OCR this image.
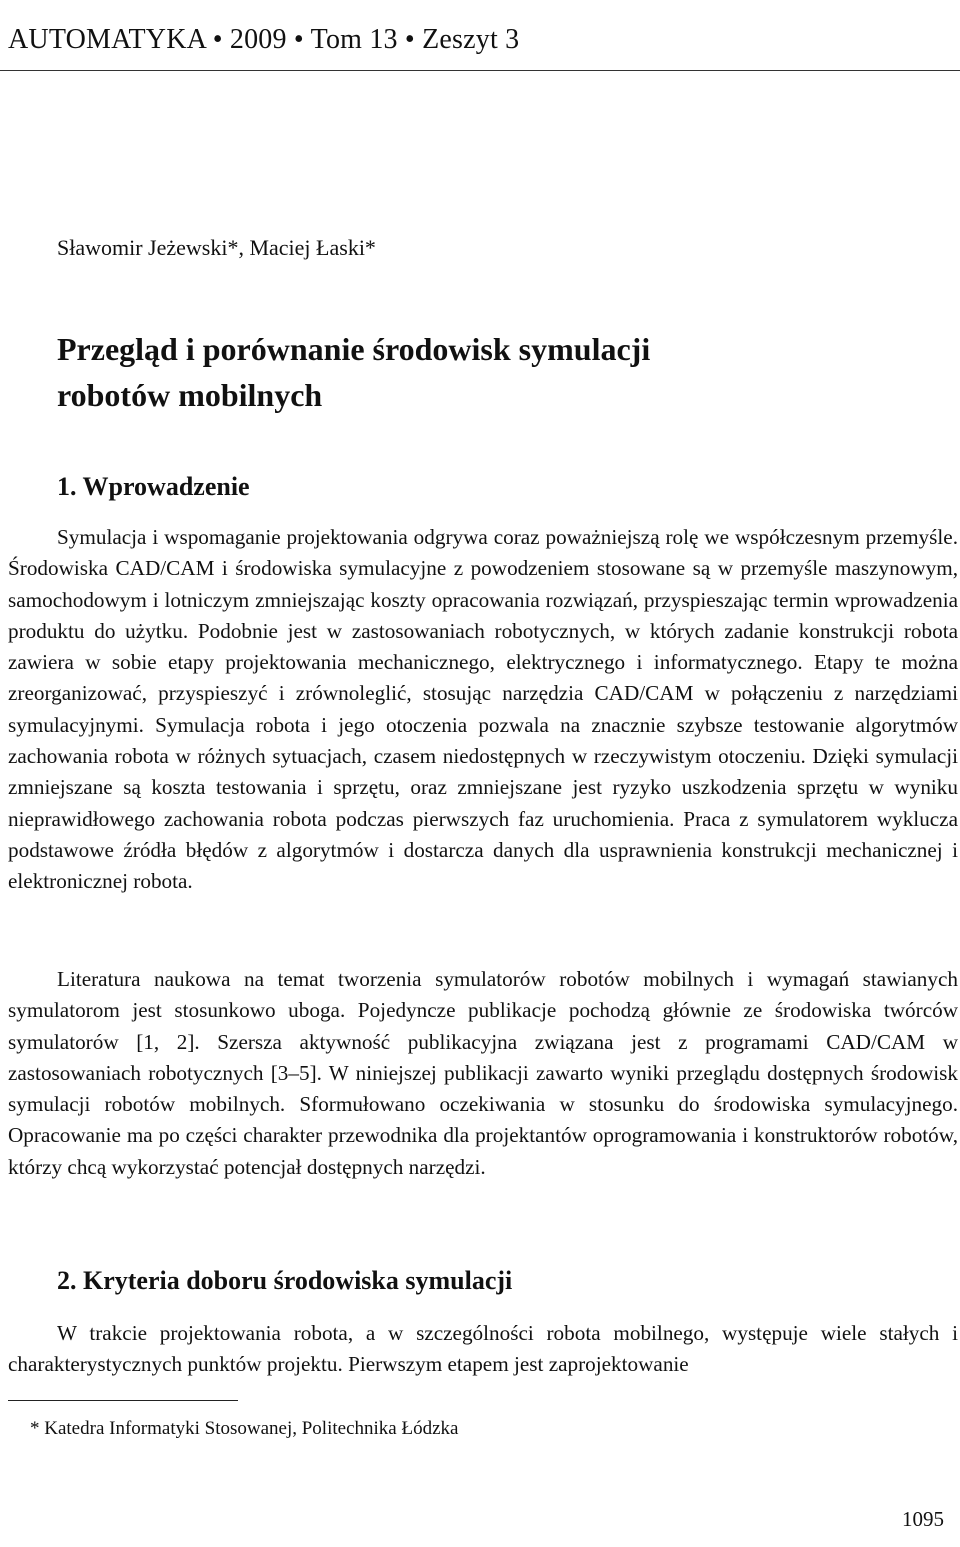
AUTOMATYKA • 2009 • Tom 13 • Zeszyt 3
Sławomir Jeżewski*, Maciej Łaski*
Przegląd i porównanie środowisk symulacji
robotów mobilnych
1. Wprowadzenie

Symulacja i wspomaganie projektowania odgrywa coraz poważniejszą rolę we współczesnym przemyśle. Środowiska CAD/CAM i środowiska symulacyjne z powodzeniem stosowane są w przemyśle maszynowym, samochodowym i lotniczym zmniejszając koszty opracowania rozwiązań, przyspieszając termin wprowadzenia produktu do użytku. Podobnie jest w zastosowaniach robotycznych, w których zadanie konstrukcji robota zawiera w sobie etapy projektowania mechanicznego, elektrycznego i informatycznego. Etapy te można zreorganizować, przyspieszyć i zrównoleglić, stosując narzędzia CAD/CAM w połączeniu z narzędziami symulacyjnymi. Symulacja robota i jego otoczenia pozwala na znacznie szybsze testowanie algorytmów zachowania robota w różnych sytuacjach, czasem niedostępnych w rzeczywistym otoczeniu. Dzięki symulacji zmniejszane są koszta testowania i sprzętu, oraz zmniejszane jest ryzyko uszkodzenia sprzętu w wyniku nieprawidłowego zachowania robota podczas pierwszych faz uruchomienia. Praca z symulatorem wyklucza podstawowe źródła błędów z algorytmów i dostarcza danych dla usprawnienia konstrukcji mechanicznej i elektronicznej robota.

Literatura naukowa na temat tworzenia symulatorów robotów mobilnych i wymagań stawianych symulatorom jest stosunkowo uboga. Pojedyncze publikacje pochodzą głównie ze środowiska twórców symulatorów [1, 2]. Szersza aktywność publikacyjna związana jest z programami CAD/CAM w zastosowaniach robotycznych [3–5]. W niniejszej publikacji zawarto wyniki przeglądu dostępnych środowisk symulacji robotów mobilnych. Sformułowano oczekiwania w stosunku do środowiska symulacyjnego. Opracowanie ma po części charakter przewodnika dla projektantów oprogramowania i konstruktorów robotów, którzy chcą wykorzystać potencjał dostępnych narzędzi.

2. Kryteria doboru środowiska symulacji

W trakcie projektowania robota, a w szczególności robota mobilnego, występuje wiele stałych i charakterystycznych punktów projektu. Pierwszym etapem jest zaprojektowanie

* Katedra Informatyki Stosowanej, Politechnika Łódzka
1095
